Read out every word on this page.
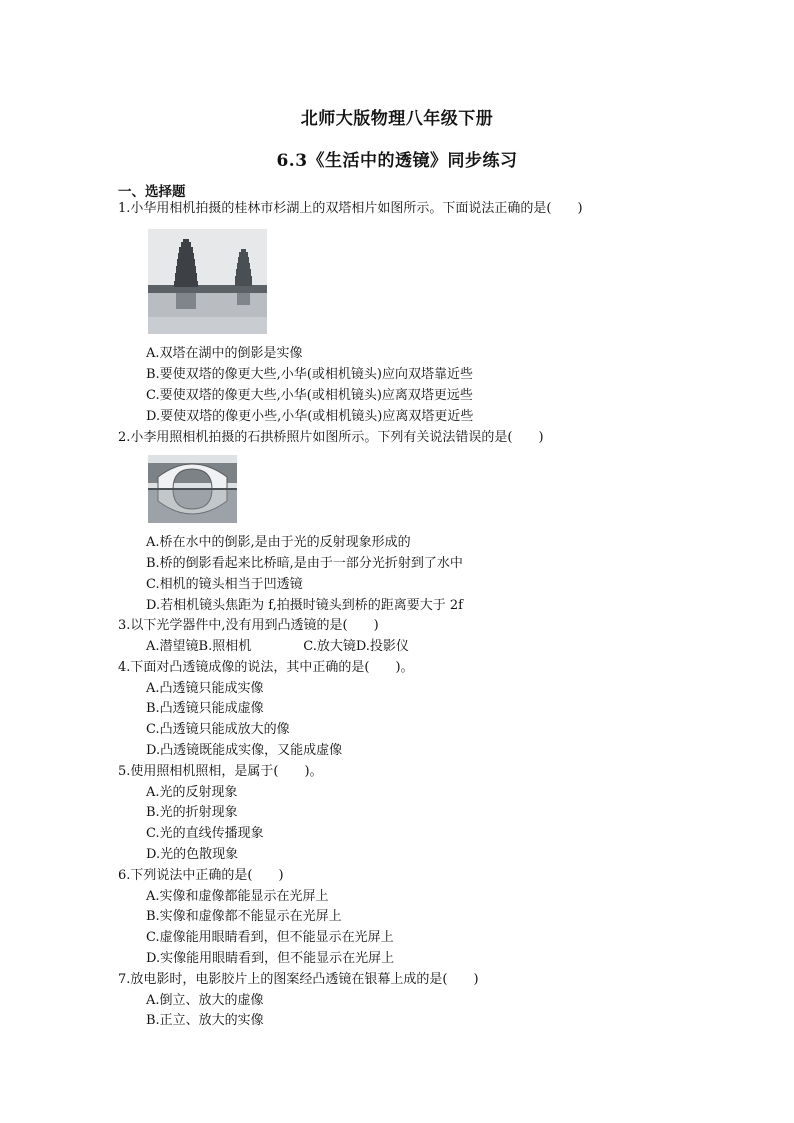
北师大版物理八年级下册
6.3《生活中的透镜》同步练习
一、选择题
1.小华用相机拍摄的桂林市杉湖上的双塔相片如图所示。下面说法正确的是(　　)
A.双塔在湖中的倒影是实像
B.要使双塔的像更大些,小华(或相机镜头)应向双塔靠近些
C.要使双塔的像更大些,小华(或相机镜头)应离双塔更远些
D.要使双塔的像更小些,小华(或相机镜头)应离双塔更近些
2.小李用照相机拍摄的石拱桥照片如图所示。下列有关说法错误的是(　　)
A.桥在水中的倒影,是由于光的反射现象形成的
B.桥的倒影看起来比桥暗,是由于一部分光折射到了水中
C.相机的镜头相当于凹透镜
D.若相机镜头焦距为 f,拍摄时镜头到桥的距离要大于 2f
3.以下光学器件中,没有用到凸透镜的是(　　)
A.潜望镜B.照相机	C.放大镜D.投影仪
4.下面对凸透镜成像的说法，其中正确的是(　　)。
A.凸透镜只能成实像
B.凸透镜只能成虚像
C.凸透镜只能成放大的像
D.凸透镜既能成实像，又能成虚像
5.使用照相机照相，是属于(　　)。
A.光的反射现象
B.光的折射现象
C.光的直线传播现象
D.光的色散现象
6.下列说法中正确的是(　　)
A.实像和虚像都能显示在光屏上
B.实像和虚像都不能显示在光屏上
C.虚像能用眼睛看到，但不能显示在光屏上
D.实像能用眼睛看到，但不能显示在光屏上
7.放电影时，电影胶片上的图案经凸透镜在银幕上成的是(　　)
A.倒立、放大的虚像
B.正立、放大的实像
